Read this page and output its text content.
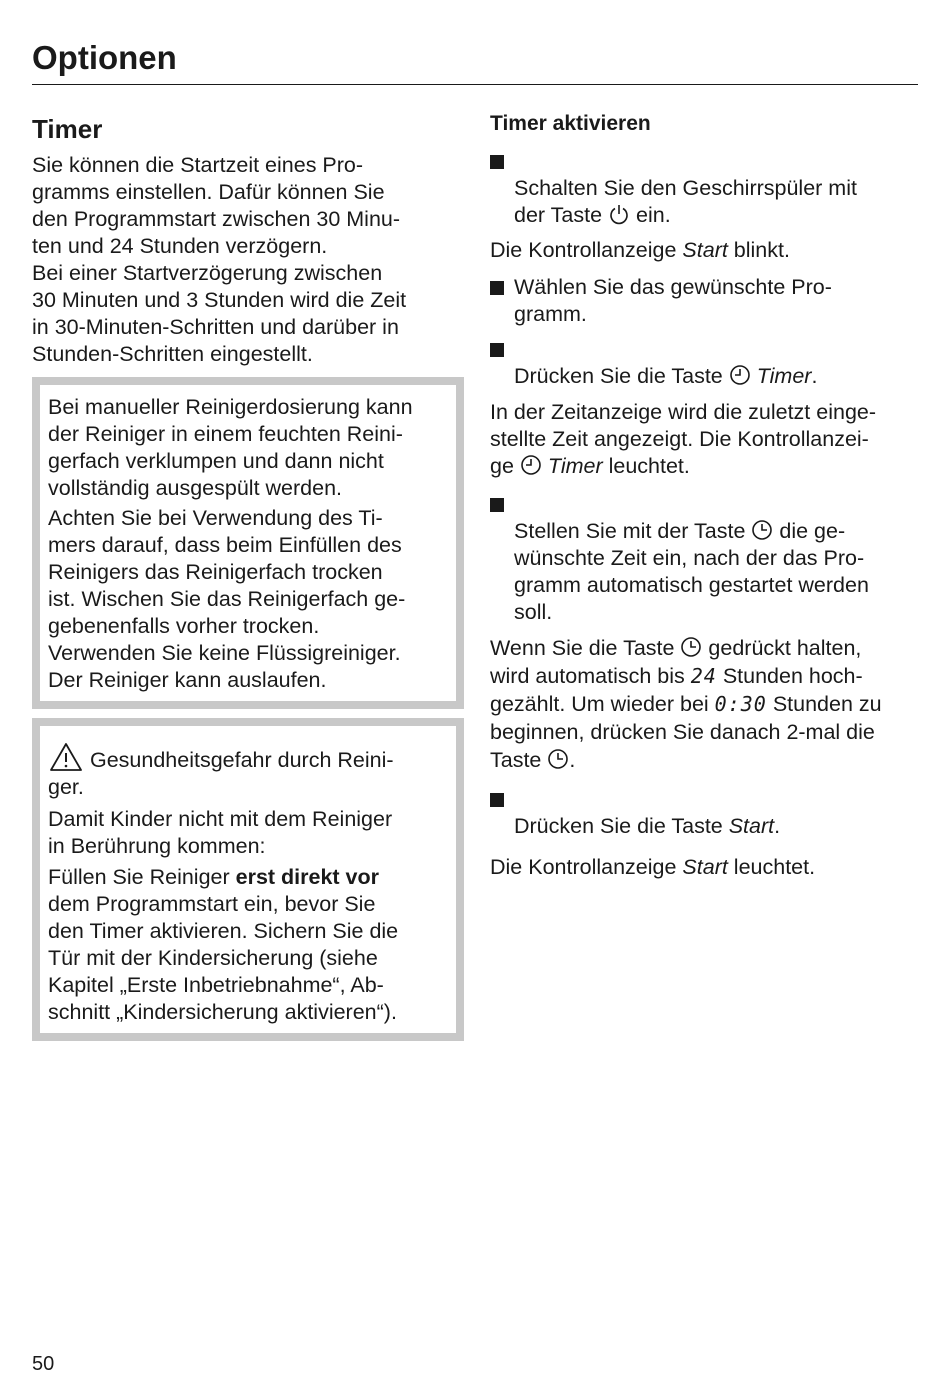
Optionen
Timer

Sie können die Startzeit eines Pro-
gramms einstellen. Dafür können Sie
den Programmstart zwischen 30 Minu-
ten und 24 Stunden verzögern.
Bei einer Startverzögerung zwischen
30 Minuten und 3 Stunden wird die Zeit
in 30-Minuten-Schritten und darüber in
Stunden-Schritten eingestellt.

Bei manueller Reinigerdosierung kann
der Reiniger in einem feuchten Reini-
gerfach verklumpen und dann nicht
vollständig ausgespült werden.

Achten Sie bei Verwendung des Ti-
mers darauf, dass beim Einfüllen des
Reinigers das Reinigerfach trocken
ist. Wischen Sie das Reinigerfach ge-
gebenenfalls vorher trocken.

Verwenden Sie keine Flüssigreiniger.
Der Reiniger kann auslaufen.

Gesundheitsgefahr durch Reini-
ger.

Damit Kinder nicht mit dem Reiniger
in Berührung kommen:

Füllen Sie Reiniger erst direkt vor
dem Programmstart ein, bevor Sie
den Timer aktivieren. Sichern Sie die
Tür mit der Kindersicherung (siehe
Kapitel „Erste Inbetriebnahme“, Ab-
schnitt „Kindersicherung aktivieren“).

Timer aktivieren

Schalten Sie den Geschirrspüler mit
der Taste  ein.

Die Kontrollanzeige Start blinkt.

Wählen Sie das gewünschte Pro-
gramm.

Drücken Sie die Taste  Timer.

In der Zeitanzeige wird die zuletzt einge-
stellte Zeit angezeigt. Die Kontrollanzei-
ge  Timer leuchtet.

Stellen Sie mit der Taste  die ge-
wünschte Zeit ein, nach der das Pro-
gramm automatisch gestartet werden
soll.

Wenn Sie die Taste  gedrückt halten,
wird automatisch bis 24 Stunden hoch-
gezählt. Um wieder bei 0:30 Stunden zu
beginnen, drücken Sie danach 2-mal die
Taste .

Drücken Sie die Taste Start.

Die Kontrollanzeige Start leuchtet.

50
